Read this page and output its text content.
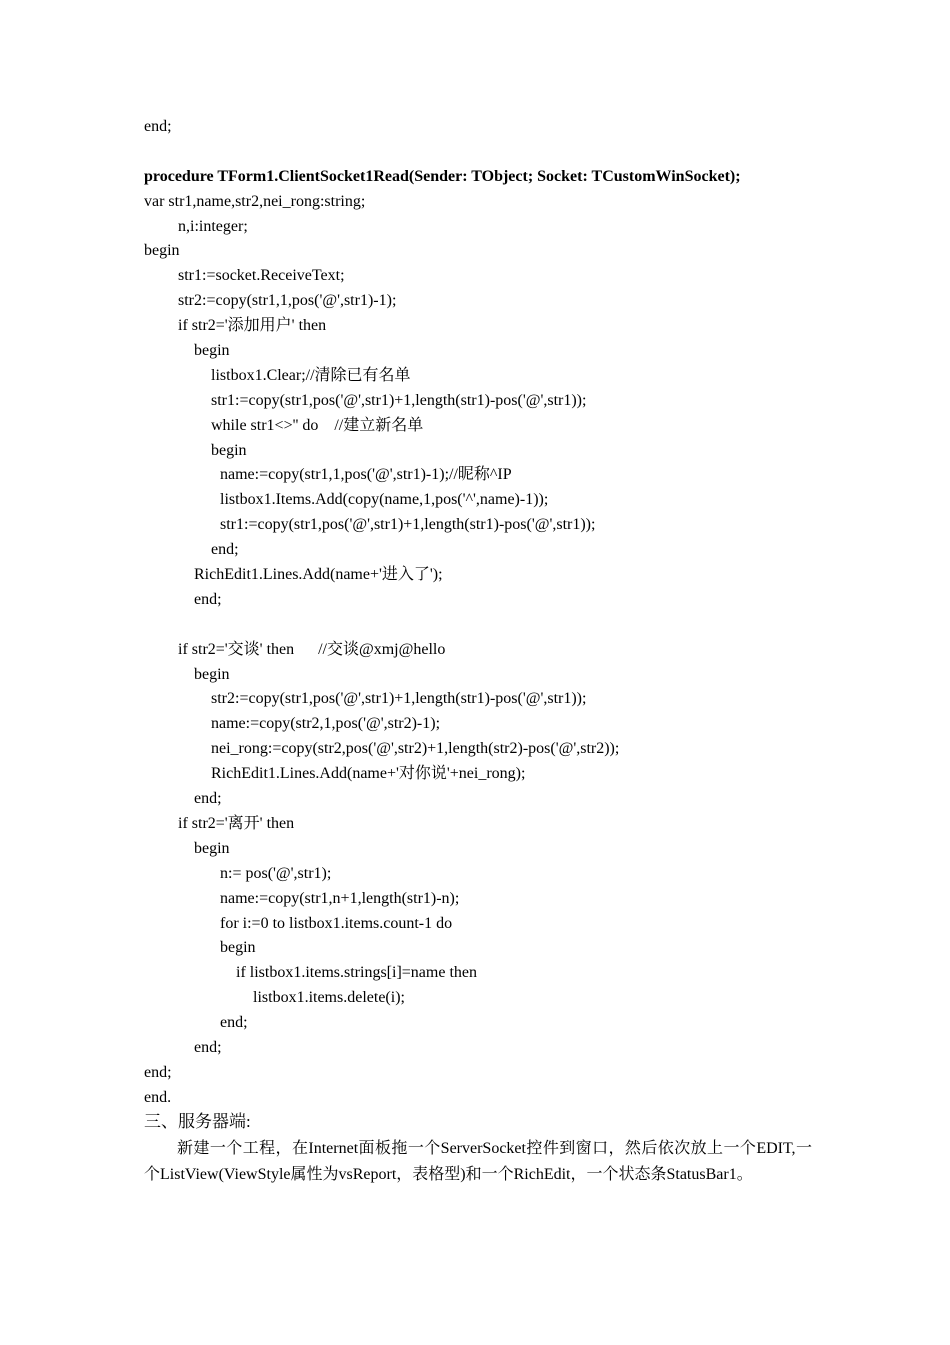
end;
procedure TForm1.ClientSocket1Read(Sender: TObject; Socket: TCustomWinSocket);
var str1,name,str2,nei_rong:string;
n,i:integer;
begin
str1:=socket.ReceiveText;
str2:=copy(str1,1,pos('@',str1)-1);
if str2='添加用户' then
begin
listbox1.Clear;//清除已有名单
str1:=copy(str1,pos('@',str1)+1,length(str1)-pos('@',str1));
while str1<>'' do    //建立新名单
begin
name:=copy(str1,1,pos('@',str1)-1);//昵称^IP
listbox1.Items.Add(copy(name,1,pos('^',name)-1));
str1:=copy(str1,pos('@',str1)+1,length(str1)-pos('@',str1));
end;
RichEdit1.Lines.Add(name+'进入了');
end;
if str2='交谈' then      //交谈@xmj@hello
begin
str2:=copy(str1,pos('@',str1)+1,length(str1)-pos('@',str1));
name:=copy(str2,1,pos('@',str2)-1);
nei_rong:=copy(str2,pos('@',str2)+1,length(str2)-pos('@',str2));
RichEdit1.Lines.Add(name+'对你说'+nei_rong);
end;
if str2='离开' then
begin
n:= pos('@',str1);
name:=copy(str1,n+1,length(str1)-n);
for i:=0 to listbox1.items.count-1 do
begin
if listbox1.items.strings[i]=name then
listbox1.items.delete(i);
end;
end;
end;
end.
三、服务器端:
新建一个工程，在Internet面板拖一个ServerSocket控件到窗口，然后依次放上一个EDIT,一个ListView(ViewStyle属性为vsReport，表格型)和一个RichEdit，一个状态条StatusBar1。
